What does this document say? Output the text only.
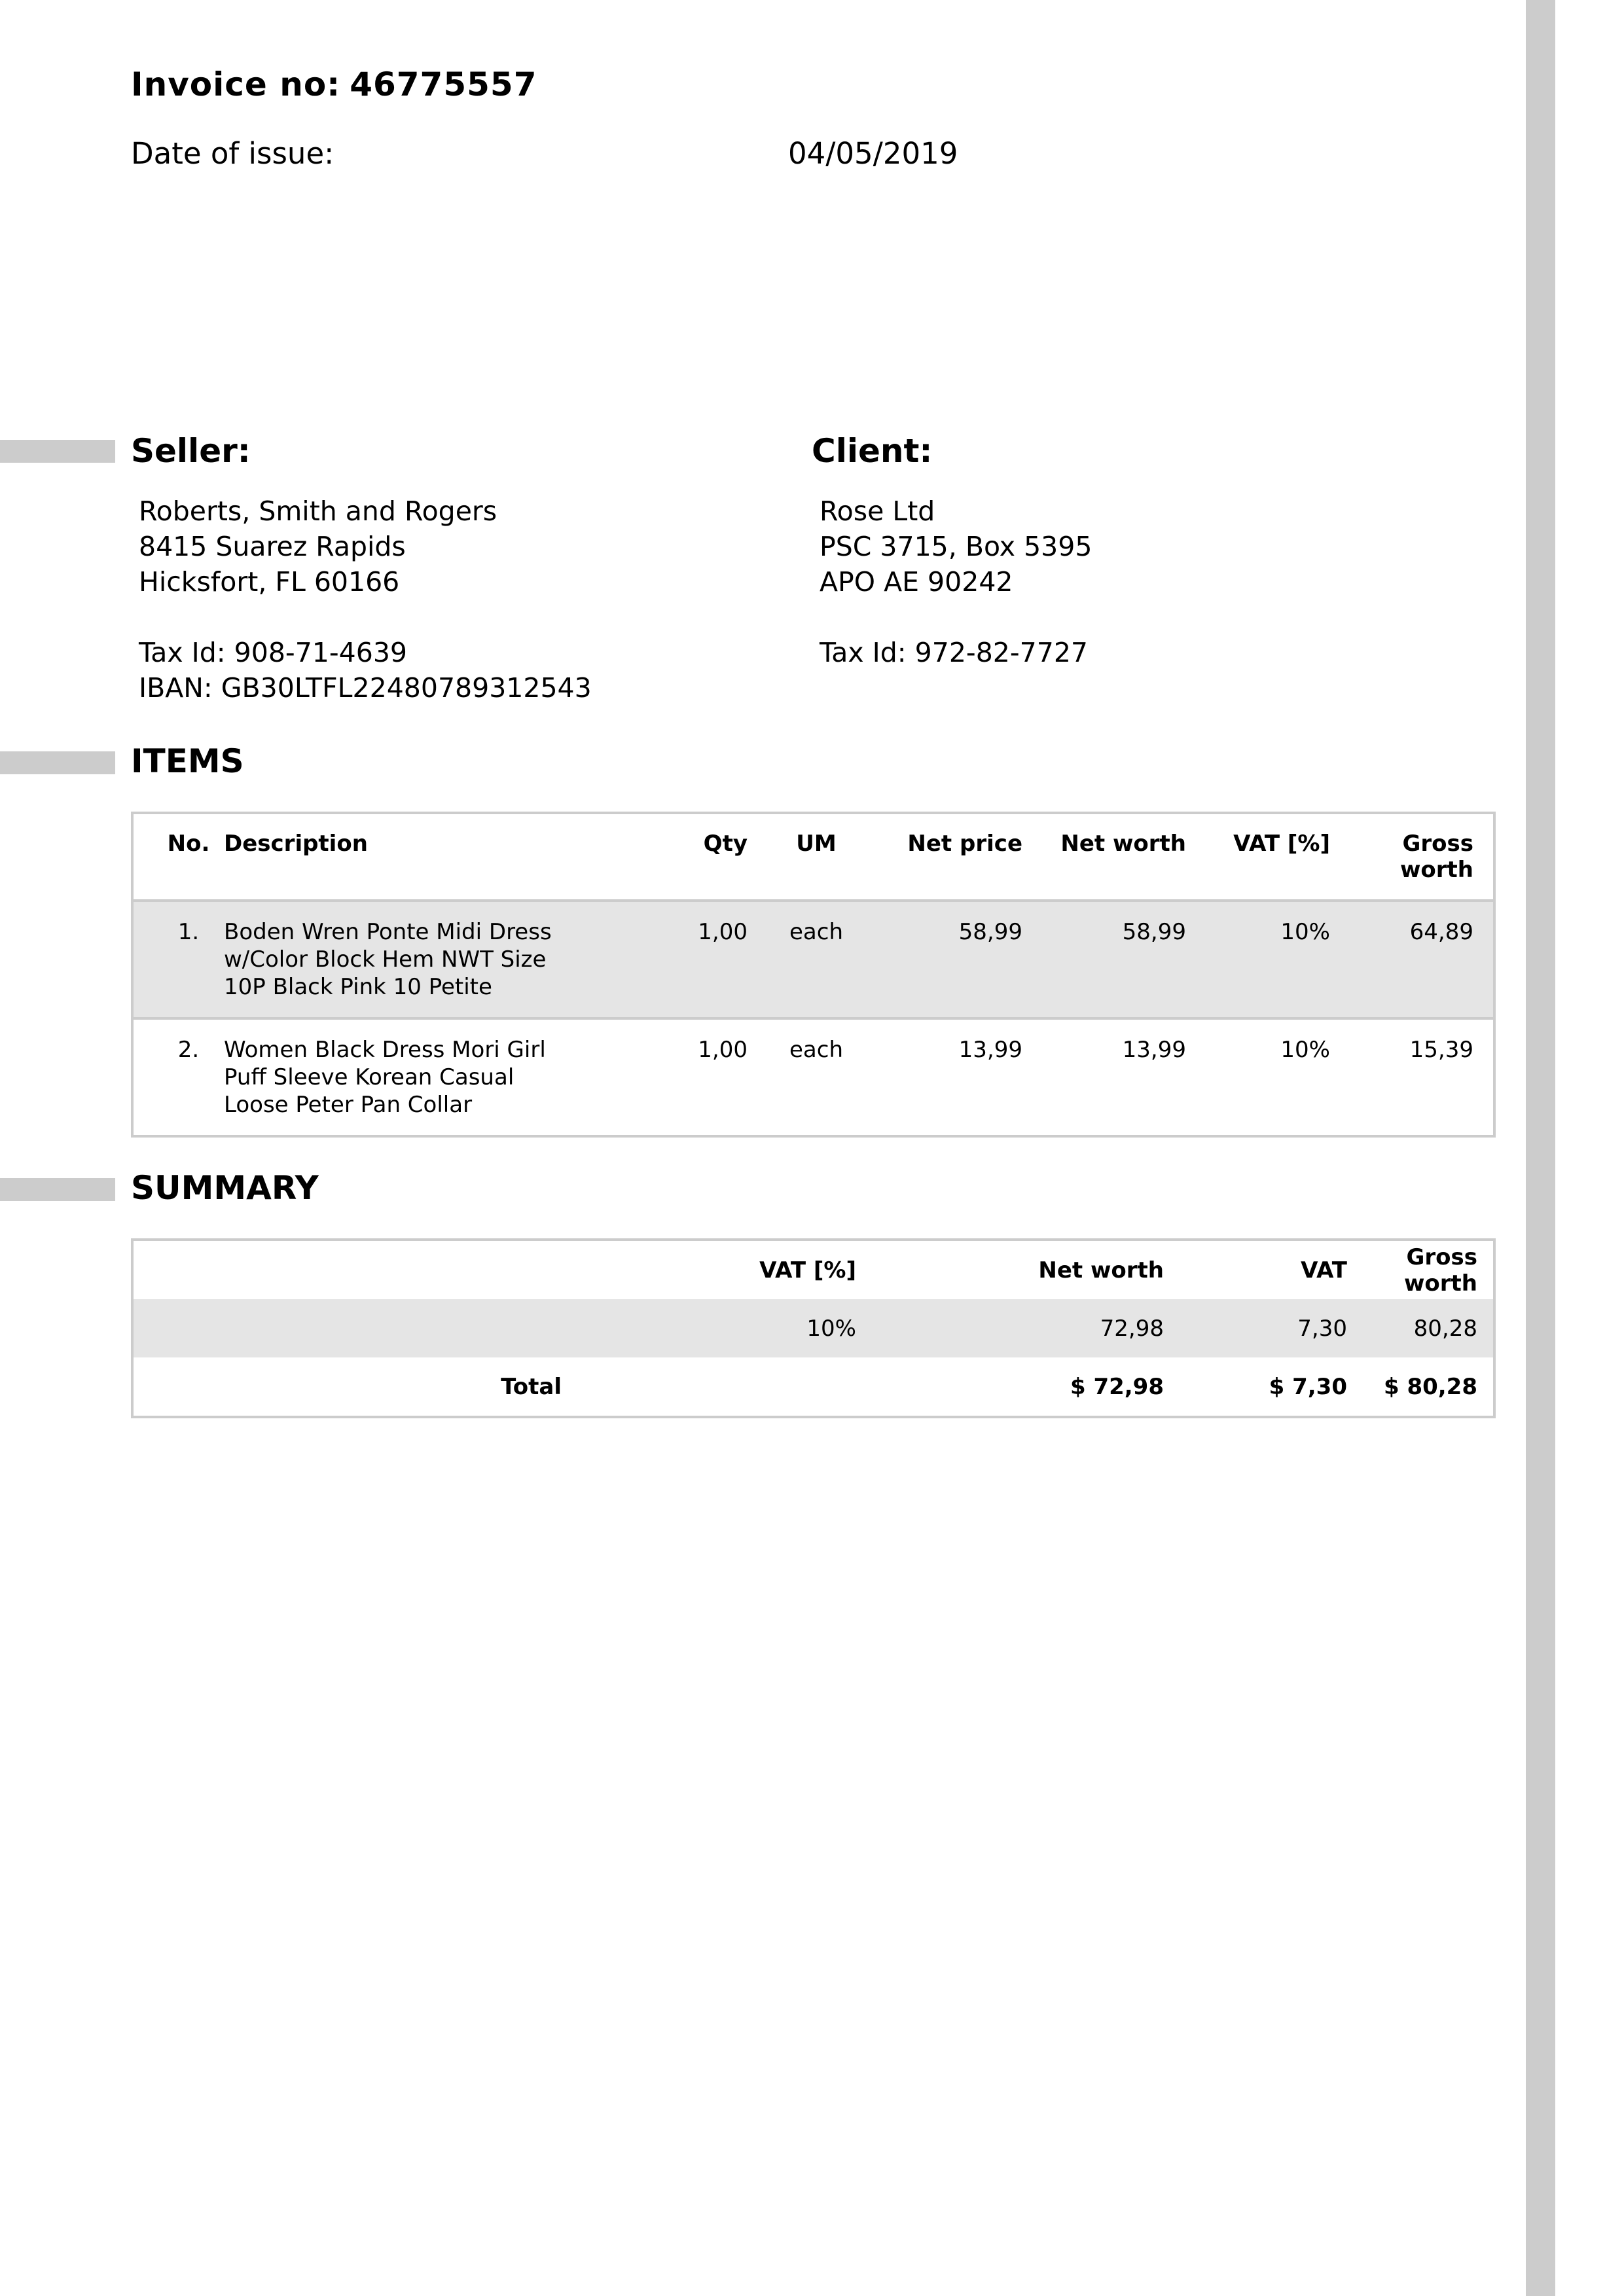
Invoice no: 46775557
Date of issue:	04/05/2019
Seller:	Client:
Roberts, Smith and Rogers
8415 Suarez Rapids
Hicksfort, FL 60166
Tax Id: 908-71-4639
IBAN: GB30LTFL22480789312543
Rose Ltd
PSC 3715, Box 5395
APO AE 90242
Tax Id: 972-82-7727
ITEMS
No.	Description	Qty	UM	Net price	Net worth	VAT [%]	Gross
worth

1.	Boden Wren Ponte Midi Dress
w/Color Block Hem NWT Size
10P Black Pink 10 Petite	1,00	each	58,99	58,99	10%	64,89
2.	Women Black Dress Mori Girl
Puff Sleeve Korean Casual
Loose Peter Pan Collar	1,00	each	13,99	13,99	10%	15,39
SUMMARY
	VAT [%]	Net worth	VAT	Gross worth
	10%	72,98	7,30	80,28
Total		$ 72,98	$ 7,30	$ 80,28
